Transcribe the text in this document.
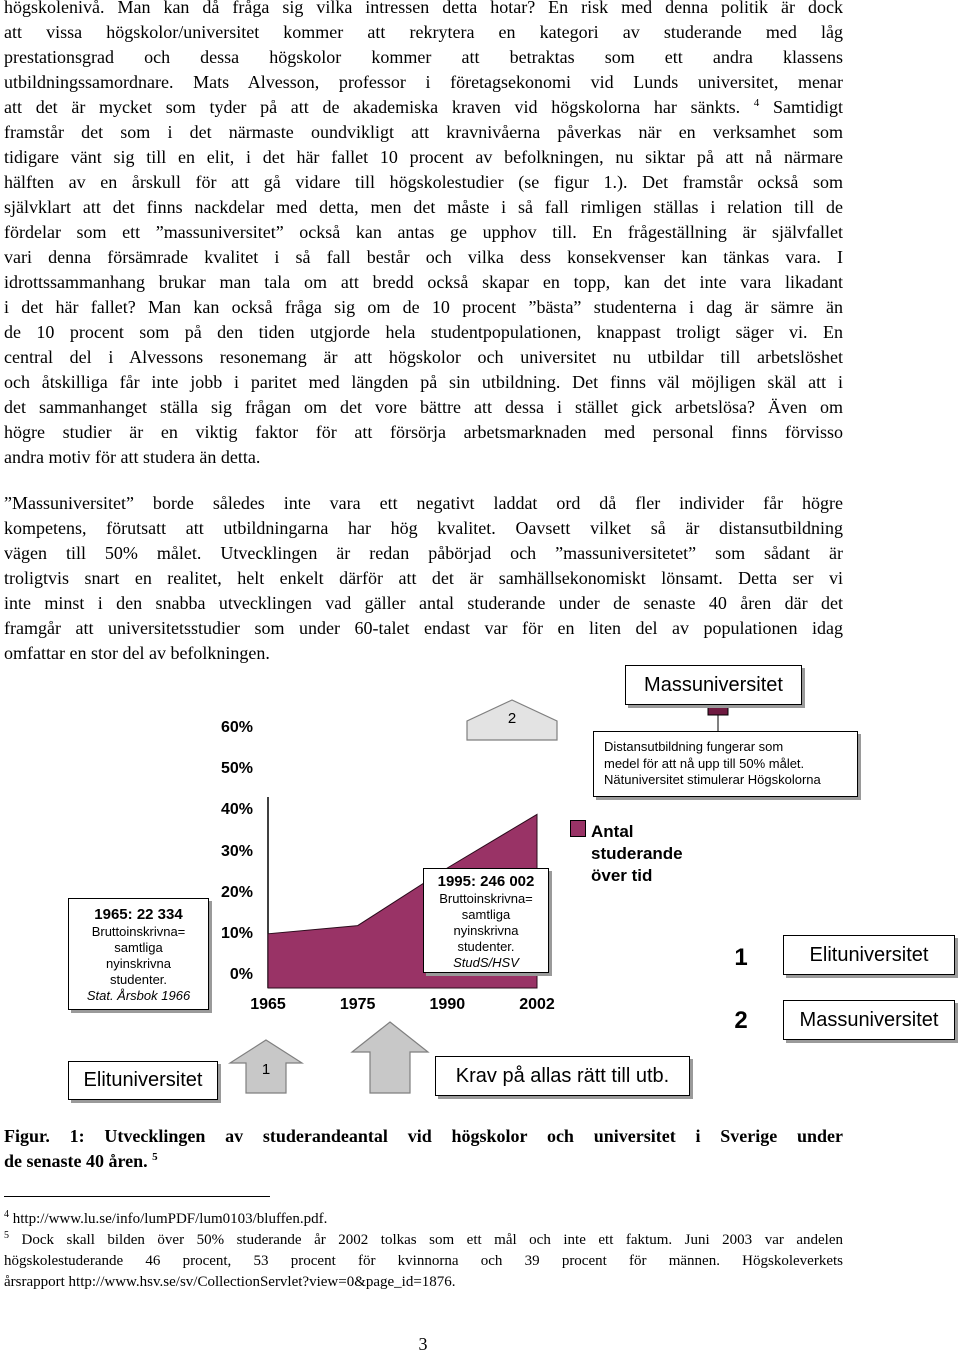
högskolenivå. Man kan då fråga sig vilka intressen detta hotar? En risk med denna politik är dock
att vissa högskolor/universitet kommer att rekrytera en kategori av studerande med låg
prestationsgrad och dessa högskolor kommer att betraktas som ett andra klassens
utbildningssamordnare. Mats Alvesson, professor i företagsekonomi vid Lunds universitet, menar
att det är mycket som tyder på att de akademiska kraven vid högskolorna har sänkts. $^4$ Samtidigt
framstår det som i det närmaste oundvikligt att kravnivåerna påverkas när en verksamhet som
tidigare vänt sig till en elit, i det här fallet 10 procent av befolkningen, nu siktar på att nå närmare
hälften av en årskull för att gå vidare till högskolestudier (se figur 1.). Det framstår också som
självklart att det finns nackdelar med detta, men det måste i så fall rimligen ställas i relation till de
fördelar som ett ”massuniversitet” också kan antas ge upphov till. En frågeställning är självfallet
vari denna försämrade kvalitet i så fall består och vilka dess konsekvenser kan tänkas vara. I
idrottssammanhang brukar man tala om att bredd också skapar en topp, kan det inte vara likadant
i det här fallet? Man kan också fråga sig om de 10 procent ”bästa” studenterna i dag är sämre än
de 10 procent som på den tiden utgjorde hela studentpopulationen, knappast troligt säger vi. En
central del i Alvessons resonemang är att högskolor och universitet nu utbildar till arbetslöshet
och åtskilliga får inte jobb i paritet med längden på sin utbildning. Det finns väl möjligen skäl att i
det sammanhanget ställa sig frågan om det vore bättre att dessa i stället gick arbetslösa? Även om
högre studier är en viktig faktor för att försörja arbetsmarknaden med personal finns förvisso
andra motiv för att studera än detta.
”Massuniversitet” borde således inte vara ett negativt laddat ord då fler individer får högre
kompetens, förutsatt att utbildningarna har hög kvalitet. Oavsett vilket så är distansutbildning
vägen till 50% målet. Utvecklingen är redan påbörjad och ”massuniversitetet” som sådant är
troligtvis snart en realitet, helt enkelt därför att det är samhällsekonomiskt lönsamt. Detta ser vi
inte minst i den snabba utvecklingen vad gäller antal studerande under de senaste 40 åren där det
framgår att universitetsstudier som under 60-talet endast var för en liten del av populationen idag
omfattar en stor del av befolkningen.
2
1
60%
50%
40%
30%
20%
10%
0%
1965	1975	1990	2002
Antal
studerande
över tid
Massuniversitet
Distansutbildning fungerar som
medel för att nå upp till 50% målet.
Nätuniversitet stimulerar Högskolorna
1995: 246 002
Bruttoinskrivna=
samtliga
nyinskrivna
studenter.
StudS/HSV
1965: 22 334
Bruttoinskrivna=
samtliga
nyinskrivna
studenter.
Stat. Årsbok 1966
1	Elituniversitet
2	Massuniversitet
Elituniversitet	Krav på allas rätt till utb.
Figur. 1: Utvecklingen av studerandeantal vid högskolor och universitet i Sverige under
de senaste 40 åren. $^5$
$^4$ http://www.lu.se/info/lumPDF/lum0103/bluffen.pdf.
$^5$ Dock skall bilden över 50% studerande år 2002 tolkas som ett mål och inte ett faktum. Juni 2003 var andelen
högskolestuderande 46 procent, 53 procent för kvinnorna och 39 procent för männen. Högskoleverkets
årsrapport http://www.hsv.se/sv/CollectionServlet?view=0&page_id=1876.
3
